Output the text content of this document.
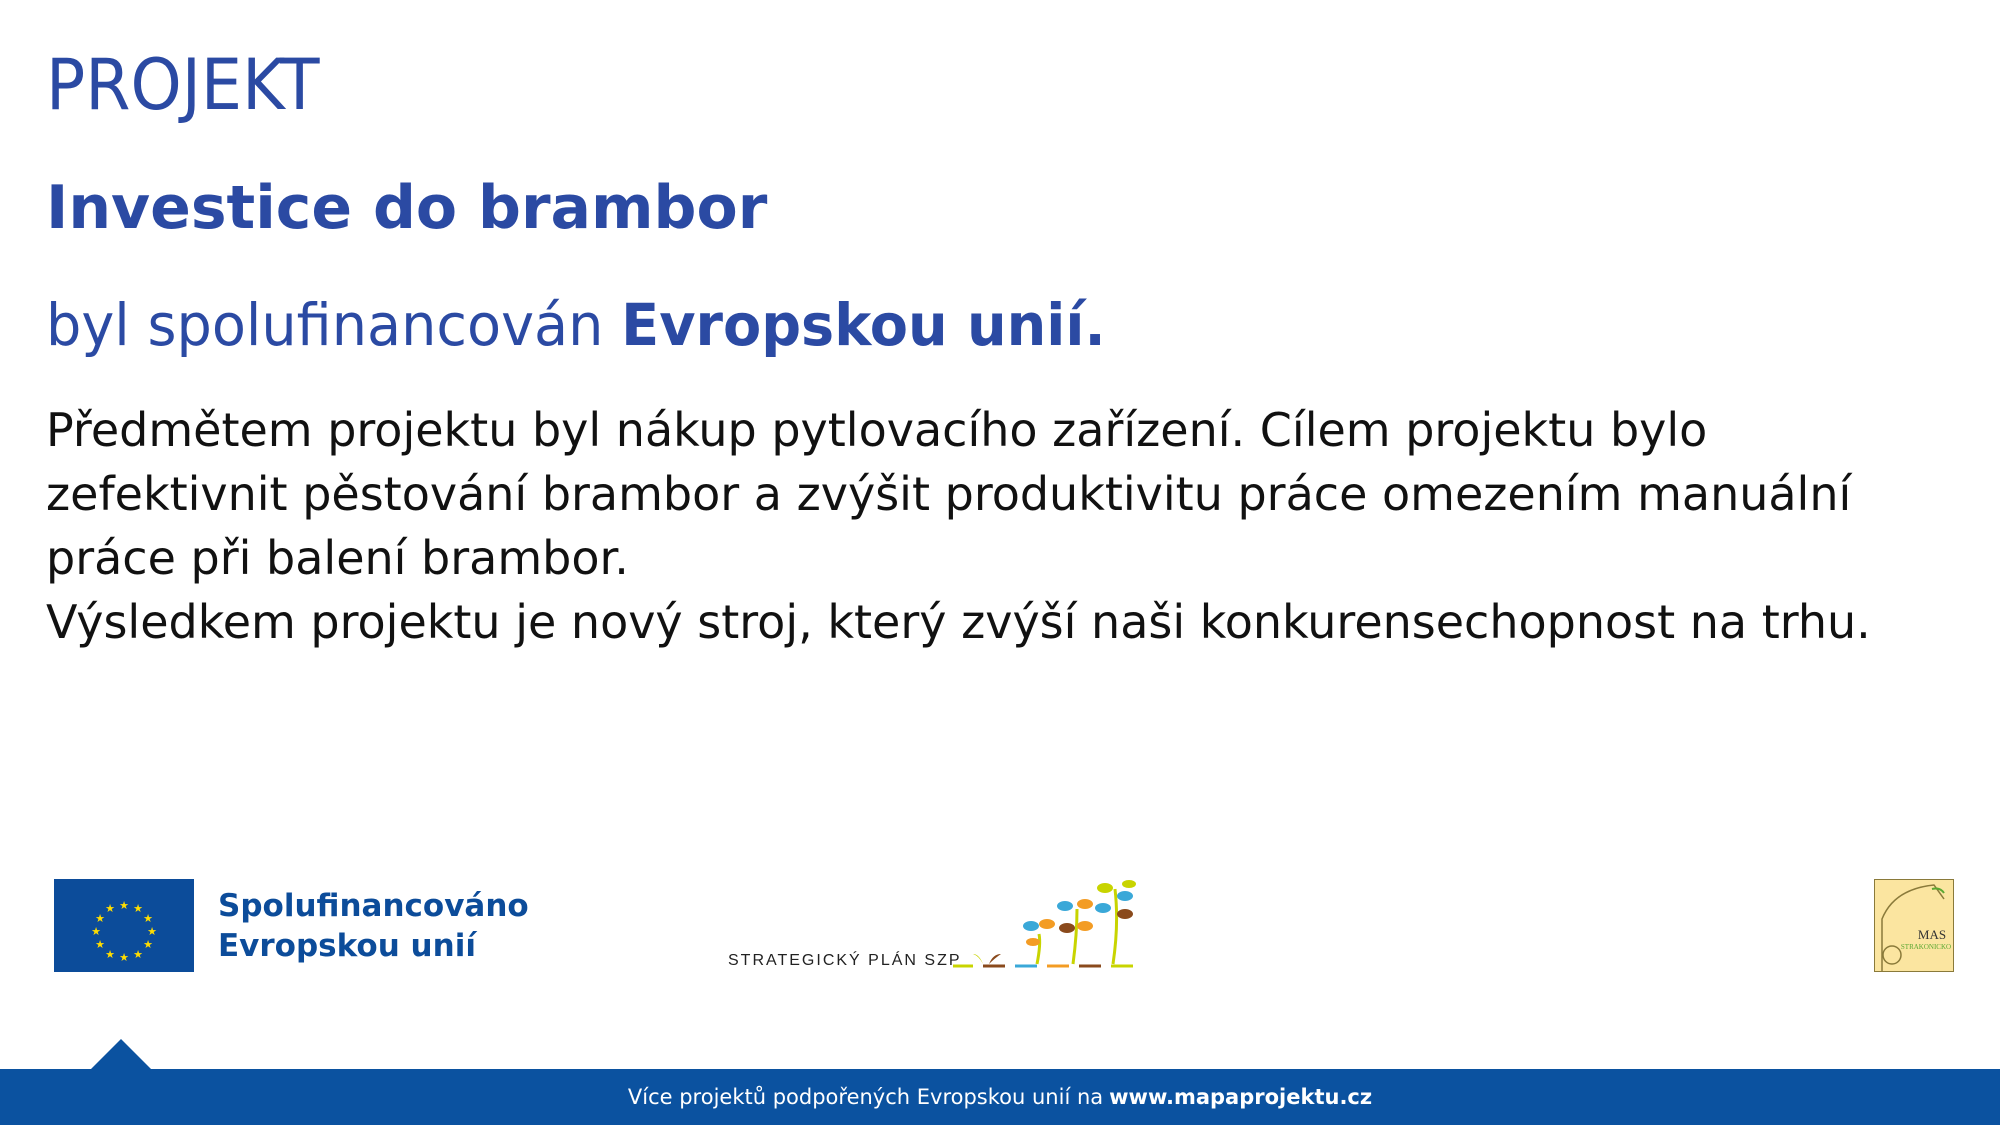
PROJEKT
Investice do brambor
byl spolufinancován Evropskou unií.

Předmětem projektu byl nákup pytlovacího zařízení. Cílem projektu bylo zefektivnit pěstování brambor a zvýšit produktivitu práce omezením manuální práce při balení brambor.

Výsledkem projektu je nový stroj, který zvýší naši konkurensechopnost na trhu.

★ ★
★
★
★
★
★
★
★
★
★
★	Spolufinancováno
Evropskou unií	STRATEGICKÝ PLÁN SZP
MAS
STRAKONICKO
Více projektů podpořených Evropskou unií na www.mapaprojektu.cz
